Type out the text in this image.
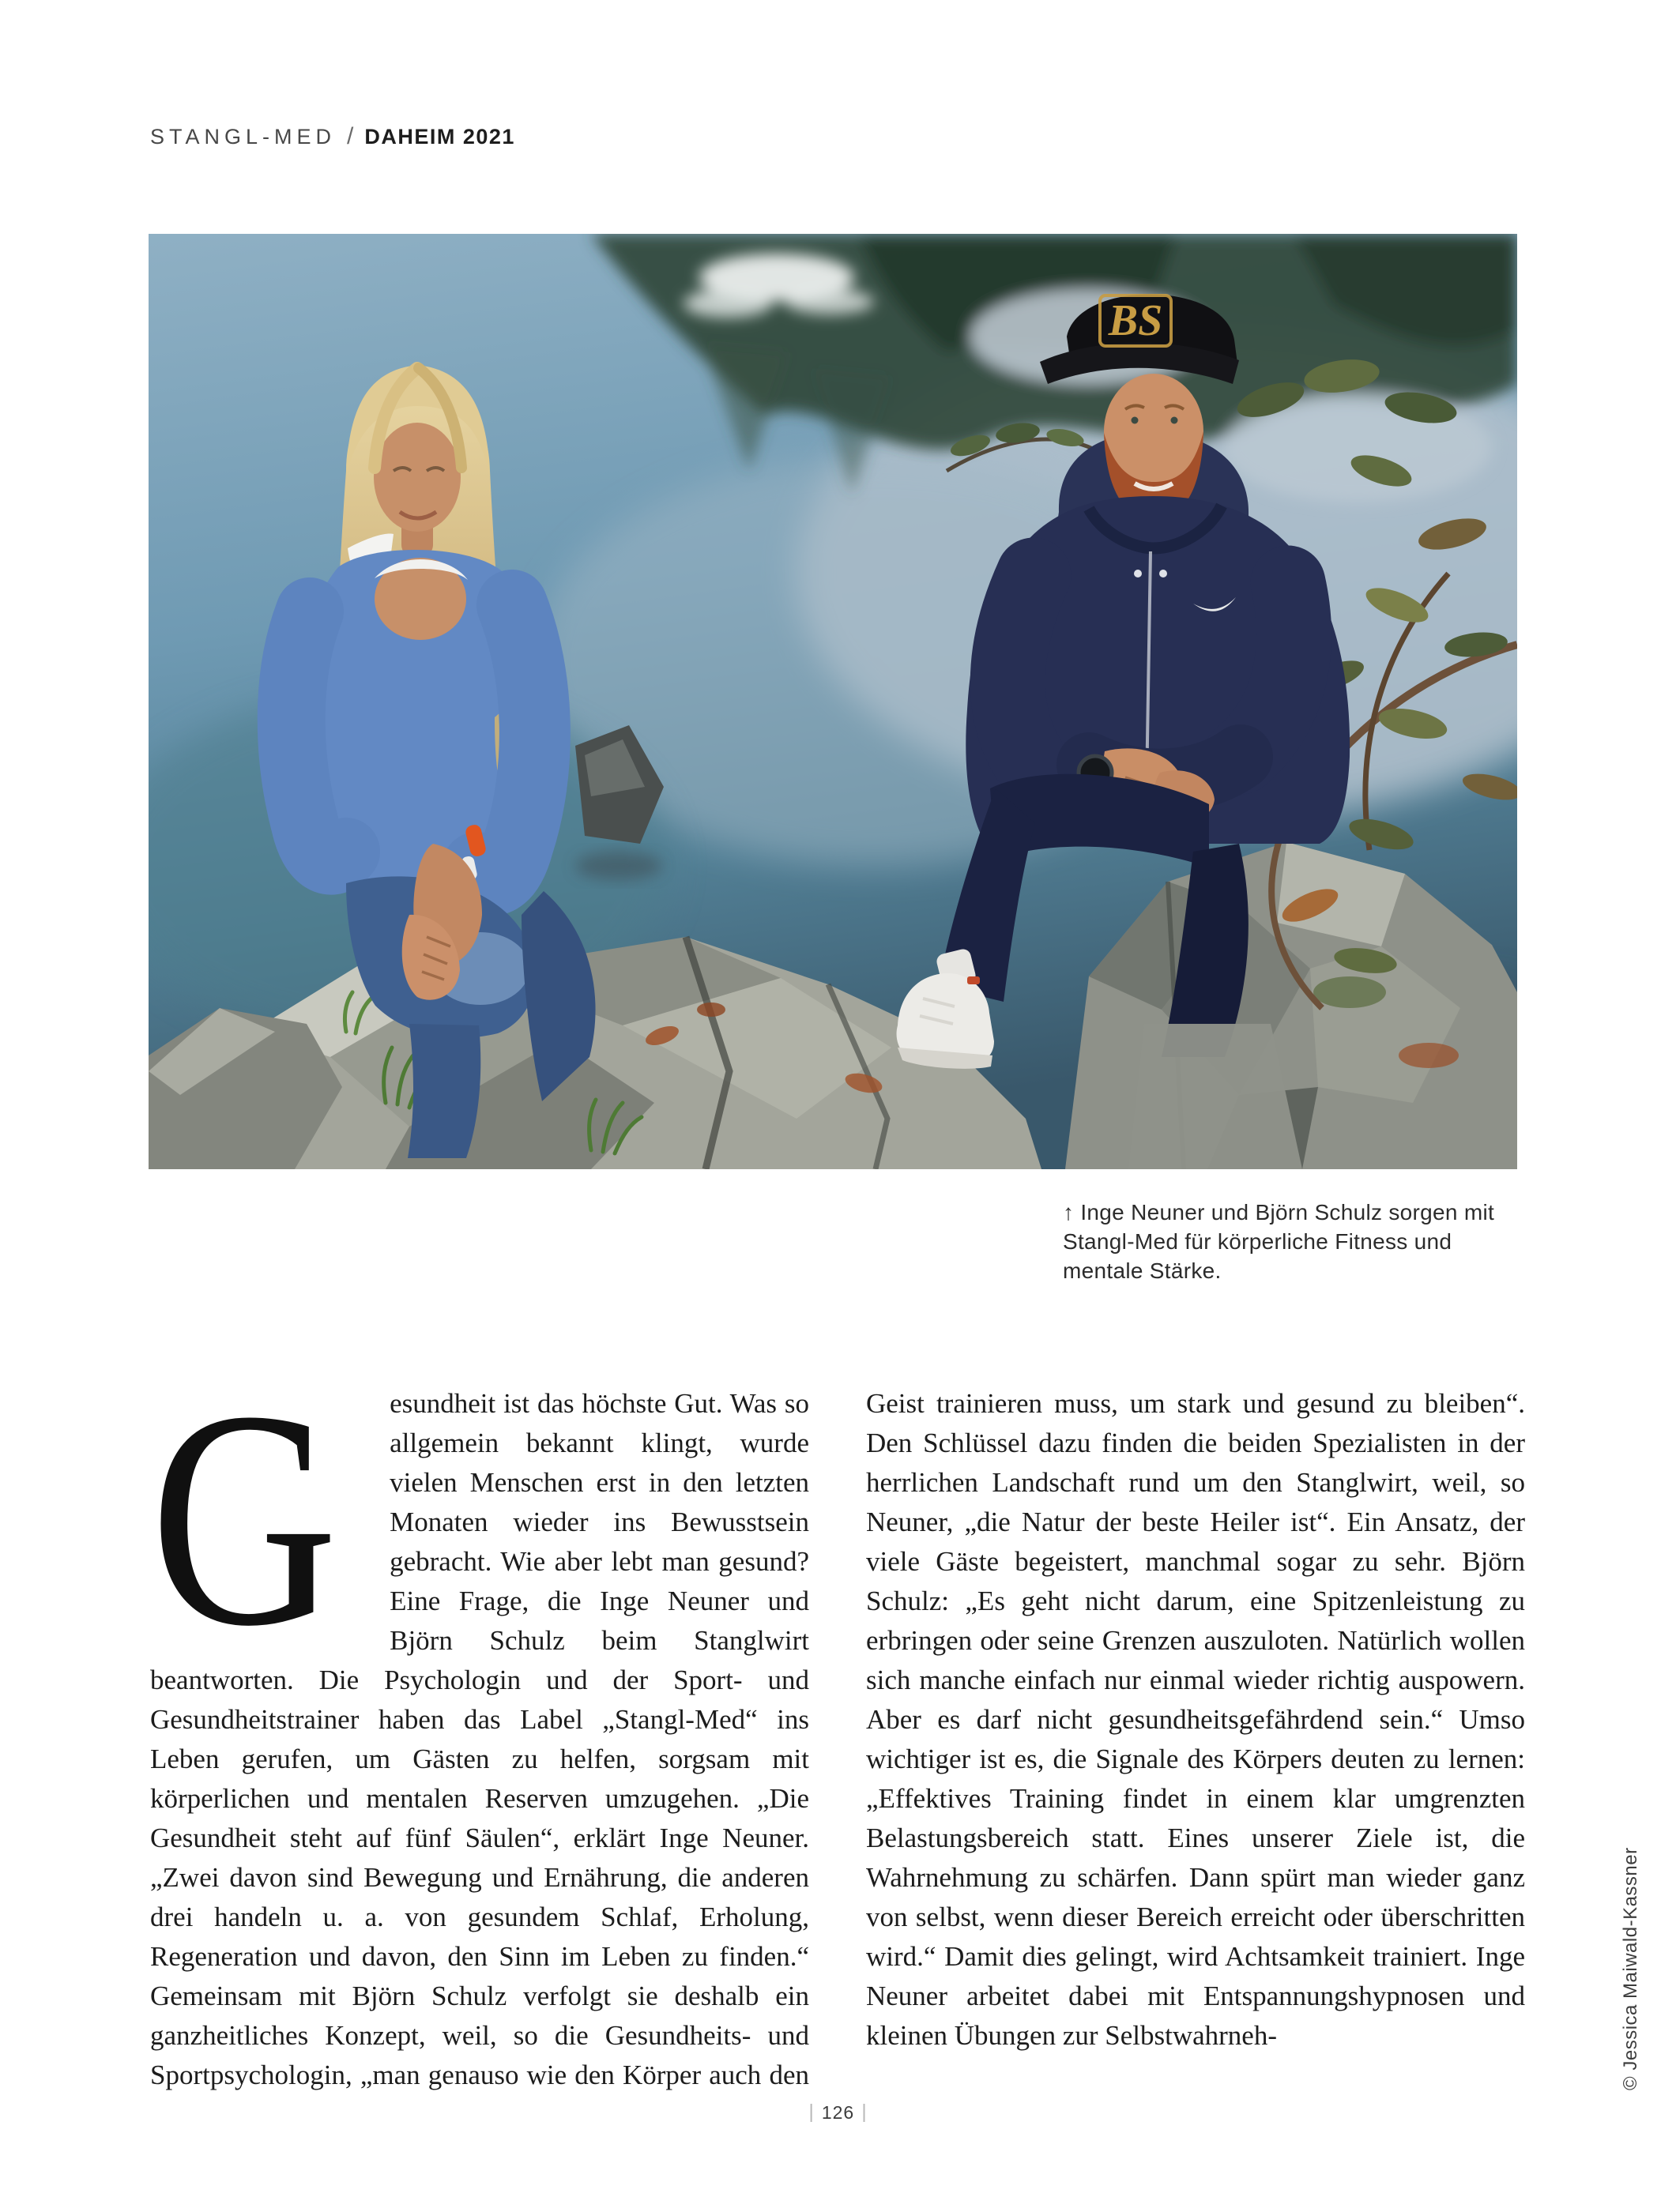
STANGL-MED / DAHEIM 2021
BS
↑ Inge Neuner und Björn Schulz sorgen mit Stangl-Med für körperliche Fitness und mentale Stärke.
G	esundheit ist das höchste Gut. Was so allgemein bekannt klingt, wurde vielen Menschen erst in den letzten Monaten wieder ins Bewusstsein gebracht. Wie aber lebt man gesund? Eine Frage, die Inge Neuner und Björn Schulz beim Stanglwirt beantworten. Die Psychologin und der Sport- und Gesundheitstrainer haben das Label „Stangl-Med“ ins Leben gerufen, um Gästen zu helfen, sorgsam mit körperlichen und mentalen Reserven umzugehen. „Die Gesundheit steht auf fünf Säulen“, erklärt Inge Neuner. „Zwei davon sind Bewegung und Ernährung, die anderen drei handeln u. a. von gesundem Schlaf, Erholung, Regeneration und davon, den Sinn im Leben zu finden.“ Gemeinsam mit Björn Schulz verfolgt sie deshalb ein ganzheitliches Konzept, weil, so die Gesundheits- und Sportpsychologin, „man genauso wie den Körper auch den Geist trainieren muss, um stark und gesund zu bleiben“. Den Schlüssel dazu finden die beiden Spezialisten in der herrlichen Landschaft rund um den Stanglwirt, weil, so Neuner, „die Natur der beste Heiler ist“. Ein Ansatz, der viele Gäste begeistert, manchmal sogar zu sehr. Björn Schulz: „Es geht nicht darum, eine Spitzenleistung zu erbringen oder seine Grenzen auszuloten. Natürlich wollen sich manche einfach nur einmal wieder richtig auspowern. Aber es darf nicht gesundheitsgefährdend sein.“ Umso wichtiger ist es, die Signale des Körpers deuten zu lernen: „Effektives Training findet in einem klar umgrenzten Belastungsbereich statt. Eines unserer Ziele ist, die Wahrnehmung zu schärfen. Dann spürt man wieder ganz von selbst, wenn dieser Bereich erreicht oder überschritten wird.“ Damit dies gelingt, wird Achtsamkeit trainiert. Inge Neuner arbeitet dabei mit Entspannungshypnosen und kleinen Übungen zur Selbstwahrneh-	© Jessica Maiwald-Kassner
| 126 |
